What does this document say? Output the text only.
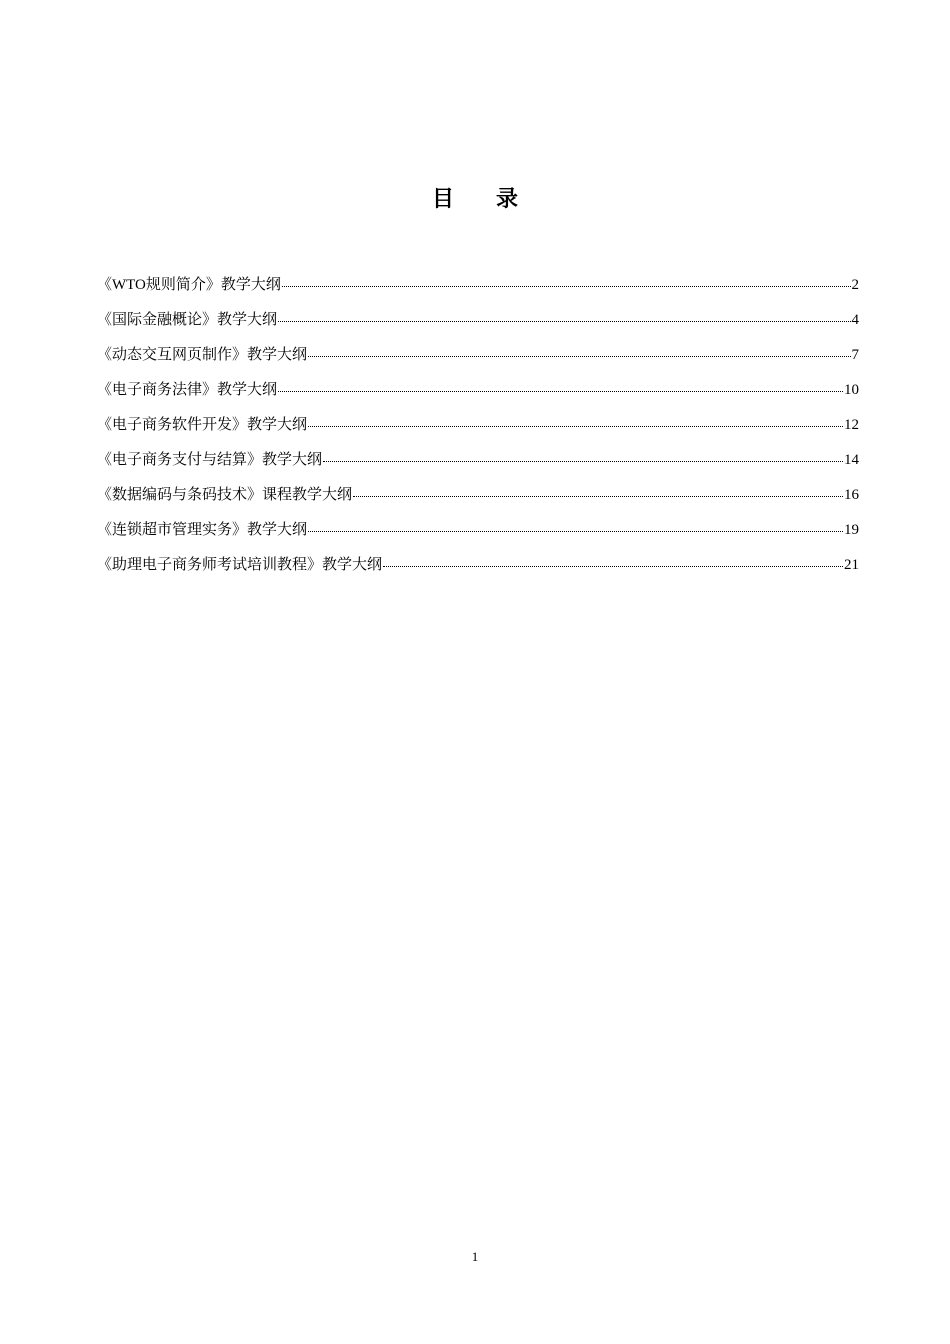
目 录
《WTO规则简介》教学大纲	2
《国际金融概论》教学大纲	4
《动态交互网页制作》教学大纲	7
《电子商务法律》教学大纲	10
《电子商务软件开发》教学大纲	12
《电子商务支付与结算》教学大纲	14
《数据编码与条码技术》课程教学大纲	16
《连锁超市管理实务》教学大纲	19
《助理电子商务师考试培训教程》教学大纲	21
1
